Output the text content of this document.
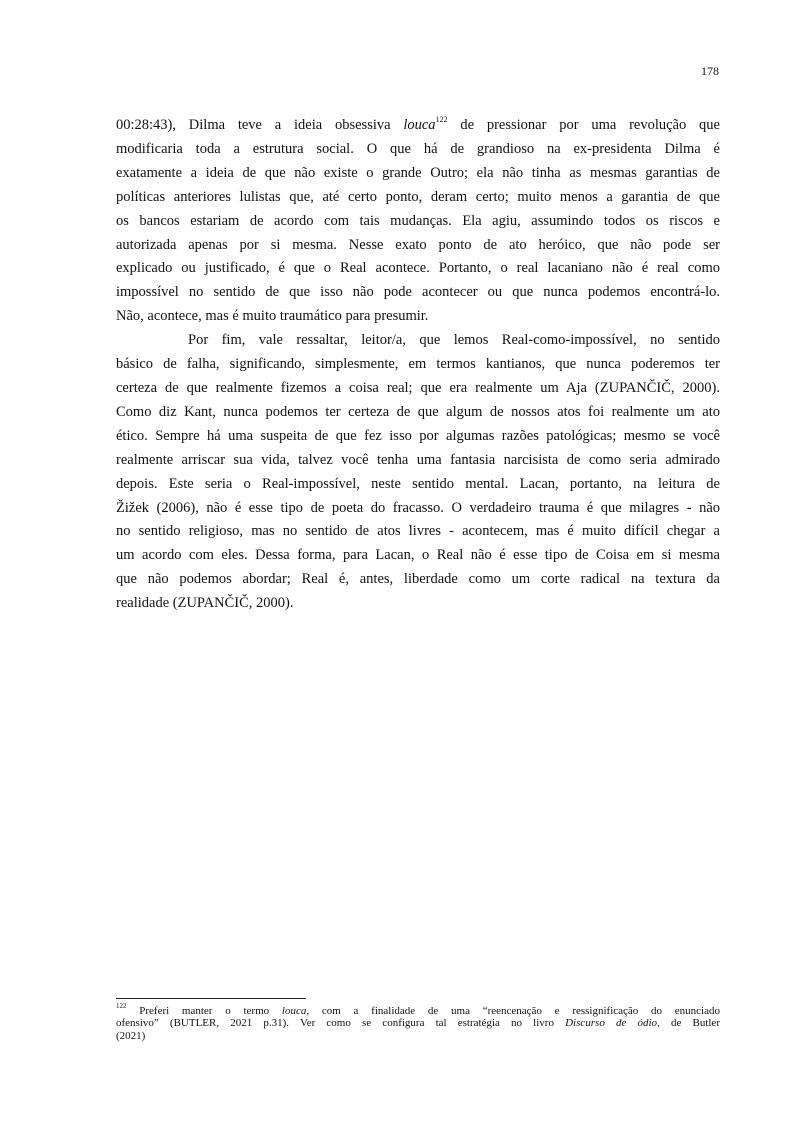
178
00:28:43), Dilma teve a ideia obsessiva louca$^{122}$ de pressionar por uma revolução que
modificaria toda a estrutura social. O que há de grandioso na ex-presidenta Dilma é
exatamente a ideia de que não existe o grande Outro; ela não tinha as mesmas garantias de
políticas anteriores lulistas que, até certo ponto, deram certo; muito menos a garantia de que
os bancos estariam de acordo com tais mudanças. Ela agiu, assumindo todos os riscos e
autorizada apenas por si mesma. Nesse exato ponto de ato heróico, que não pode ser
explicado ou justificado, é que o Real acontece. Portanto, o real lacaniano não é real como
impossível no sentido de que isso não pode acontecer ou que nunca podemos encontrá-lo.
Não, acontece, mas é muito traumático para presumir.
Por fim, vale ressaltar, leitor/a, que lemos Real-como-impossível, no sentido
básico de falha, significando, simplesmente, em termos kantianos, que nunca poderemos ter
certeza de que realmente fizemos a coisa real; que era realmente um Aja (ZUPANČIČ, 2000).
Como diz Kant, nunca podemos ter certeza de que algum de nossos atos foi realmente um ato
ético. Sempre há uma suspeita de que fez isso por algumas razões patológicas; mesmo se você
realmente arriscar sua vida, talvez você tenha uma fantasia narcisista de como seria admirado
depois. Este seria o Real-impossível, neste sentido mental. Lacan, portanto, na leitura de
Žižek (2006), não é esse tipo de poeta do fracasso. O verdadeiro trauma é que milagres - não
no sentido religioso, mas no sentido de atos livres - acontecem, mas é muito difícil chegar a
um acordo com eles. Dessa forma, para Lacan, o Real não é esse tipo de Coisa em si mesma
que não podemos abordar; Real é, antes, liberdade como um corte radical na textura da
realidade (ZUPANČIČ, 2000).
$^{122}$ Preferi manter o termo louca, com a finalidade de uma “reencenação e ressignificação do enunciado
ofensivo” (BUTLER, 2021 p.31). Ver como se configura tal estratégia no livro Discurso de ódio, de Butler
(2021)
